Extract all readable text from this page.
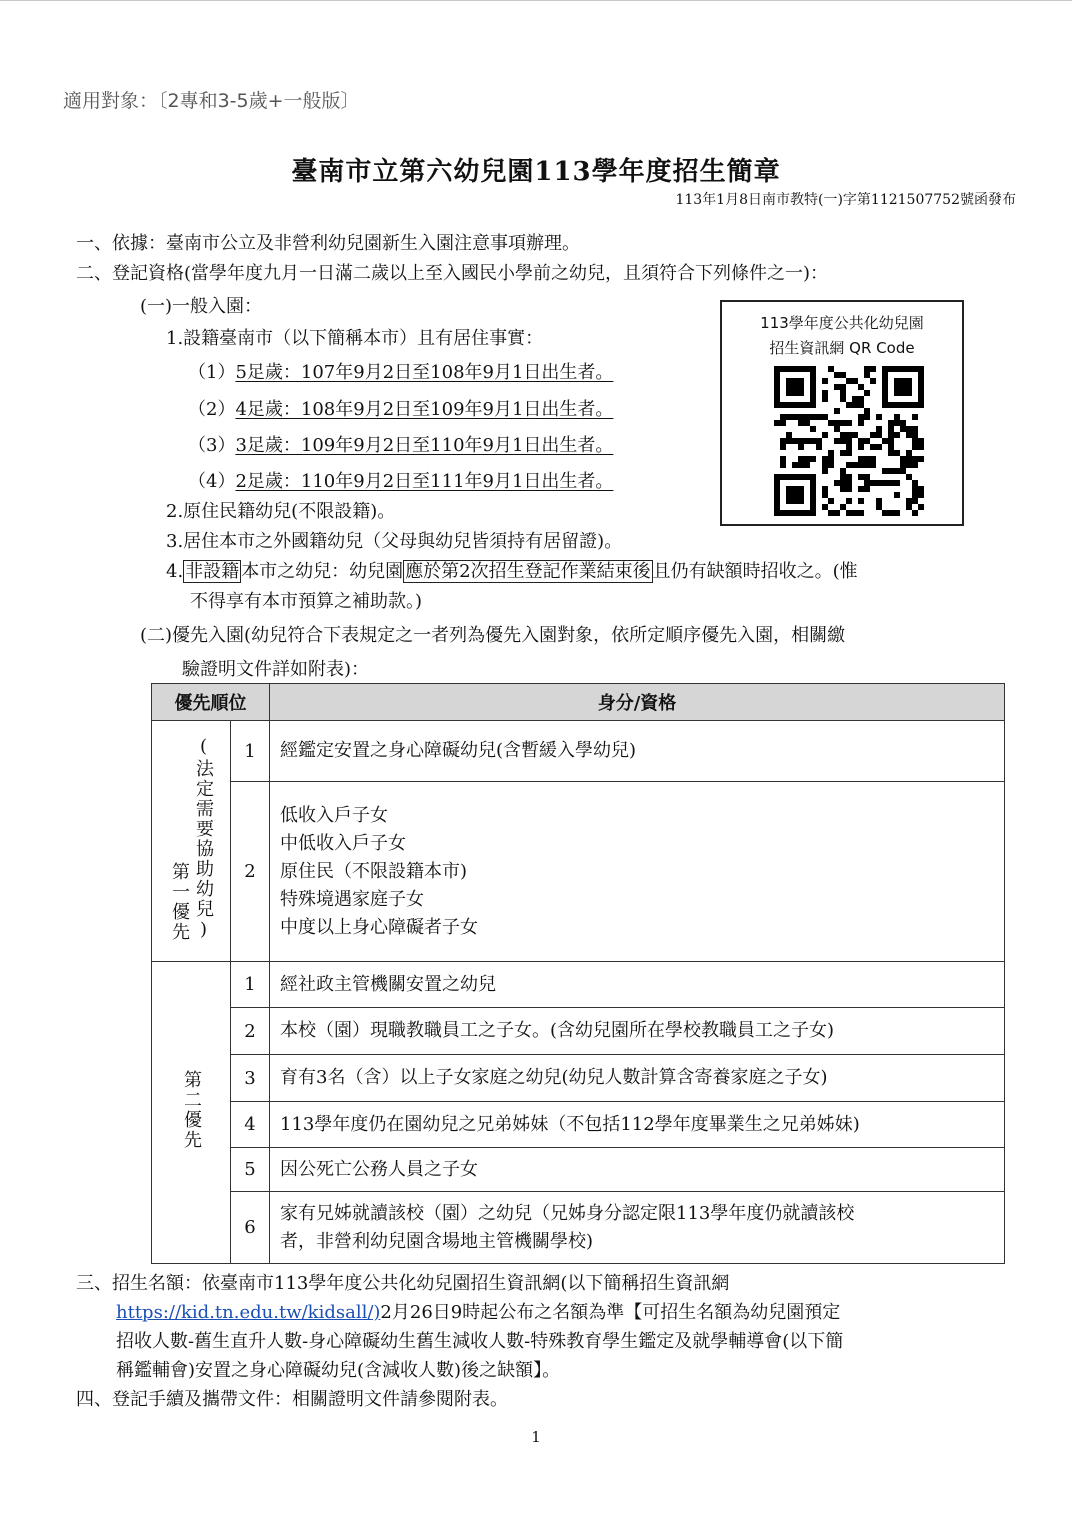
適用對象：〔2專和3-5歲+一般版〕
臺南市立第六幼兒園113學年度招生簡章
113年1月8日南市教特(一)字第1121507752號函發布
一、依據：臺南市公立及非營利幼兒園新生入園注意事項辦理。
二、登記資格(當學年度九月一日滿二歲以上至入國民小學前之幼兒，且須符合下列條件之一)：
(一)一般入園：
1.設籍臺南市（以下簡稱本市）且有居住事實：
（1）5足歲：107年9月2日至108年9月1日出生者。
（2）4足歲：108年9月2日至109年9月1日出生者。
（3）3足歲：109年9月2日至110年9月1日出生者。
（4）2足歲：110年9月2日至111年9月1日出生者。
2.原住民籍幼兒(不限設籍)。
3.居住本市之外國籍幼兒（父母與幼兒皆須持有居留證)。
4. 非設籍 本市之幼兒：幼兒園 應於第2次招生登記作業結束後 且仍有缺額時招收之。(惟
不得享有本市預算之補助款。)
(二)優先入園(幼兒符合下表規定之一者列為優先入園對象，依所定順序優先入園，相關繳
驗證明文件詳如附表)：
113學年度公共化幼兒園
招生資訊網 QR Code
優先順位		身分/資格
第一優先 (法定需要協助幼兒)	1	經鑑定安置之身心障礙幼兒(含暫緩入學幼兒)

	2	低收入戶子女
中低收入戶子女
原住民（不限設籍本市)
特殊境遇家庭子女
中度以上身心障礙者子女

第二優先	1	經社政主管機關安置之幼兒

	2	本校（園）現職教職員工之子女。(含幼兒園所在學校教職員工之子女)

	3	育有3名（含）以上子女家庭之幼兒(幼兒人數計算含寄養家庭之子女)

	4	113學年度仍在園幼兒之兄弟姊妹（不包括112學年度畢業生之兄弟姊妹)

	5	因公死亡公務人員之子女

	6	家有兄姊就讀該校（園）之幼兒（兄姊身分認定限113學年度仍就讀該校
者，非營利幼兒園含場地主管機關學校)
三、招生名額：依臺南市113學年度公共化幼兒園招生資訊網(以下簡稱招生資訊網
https://kid.tn.edu.tw/kidsall/)2月26日9時起公布之名額為準【可招生名額為幼兒園預定
招收人數-舊生直升人數-身心障礙幼生舊生減收人數-特殊教育學生鑑定及就學輔導會(以下簡
稱鑑輔會)安置之身心障礙幼兒(含減收人數)後之缺額】。
四、登記手續及攜帶文件：相關證明文件請參閱附表。
1
